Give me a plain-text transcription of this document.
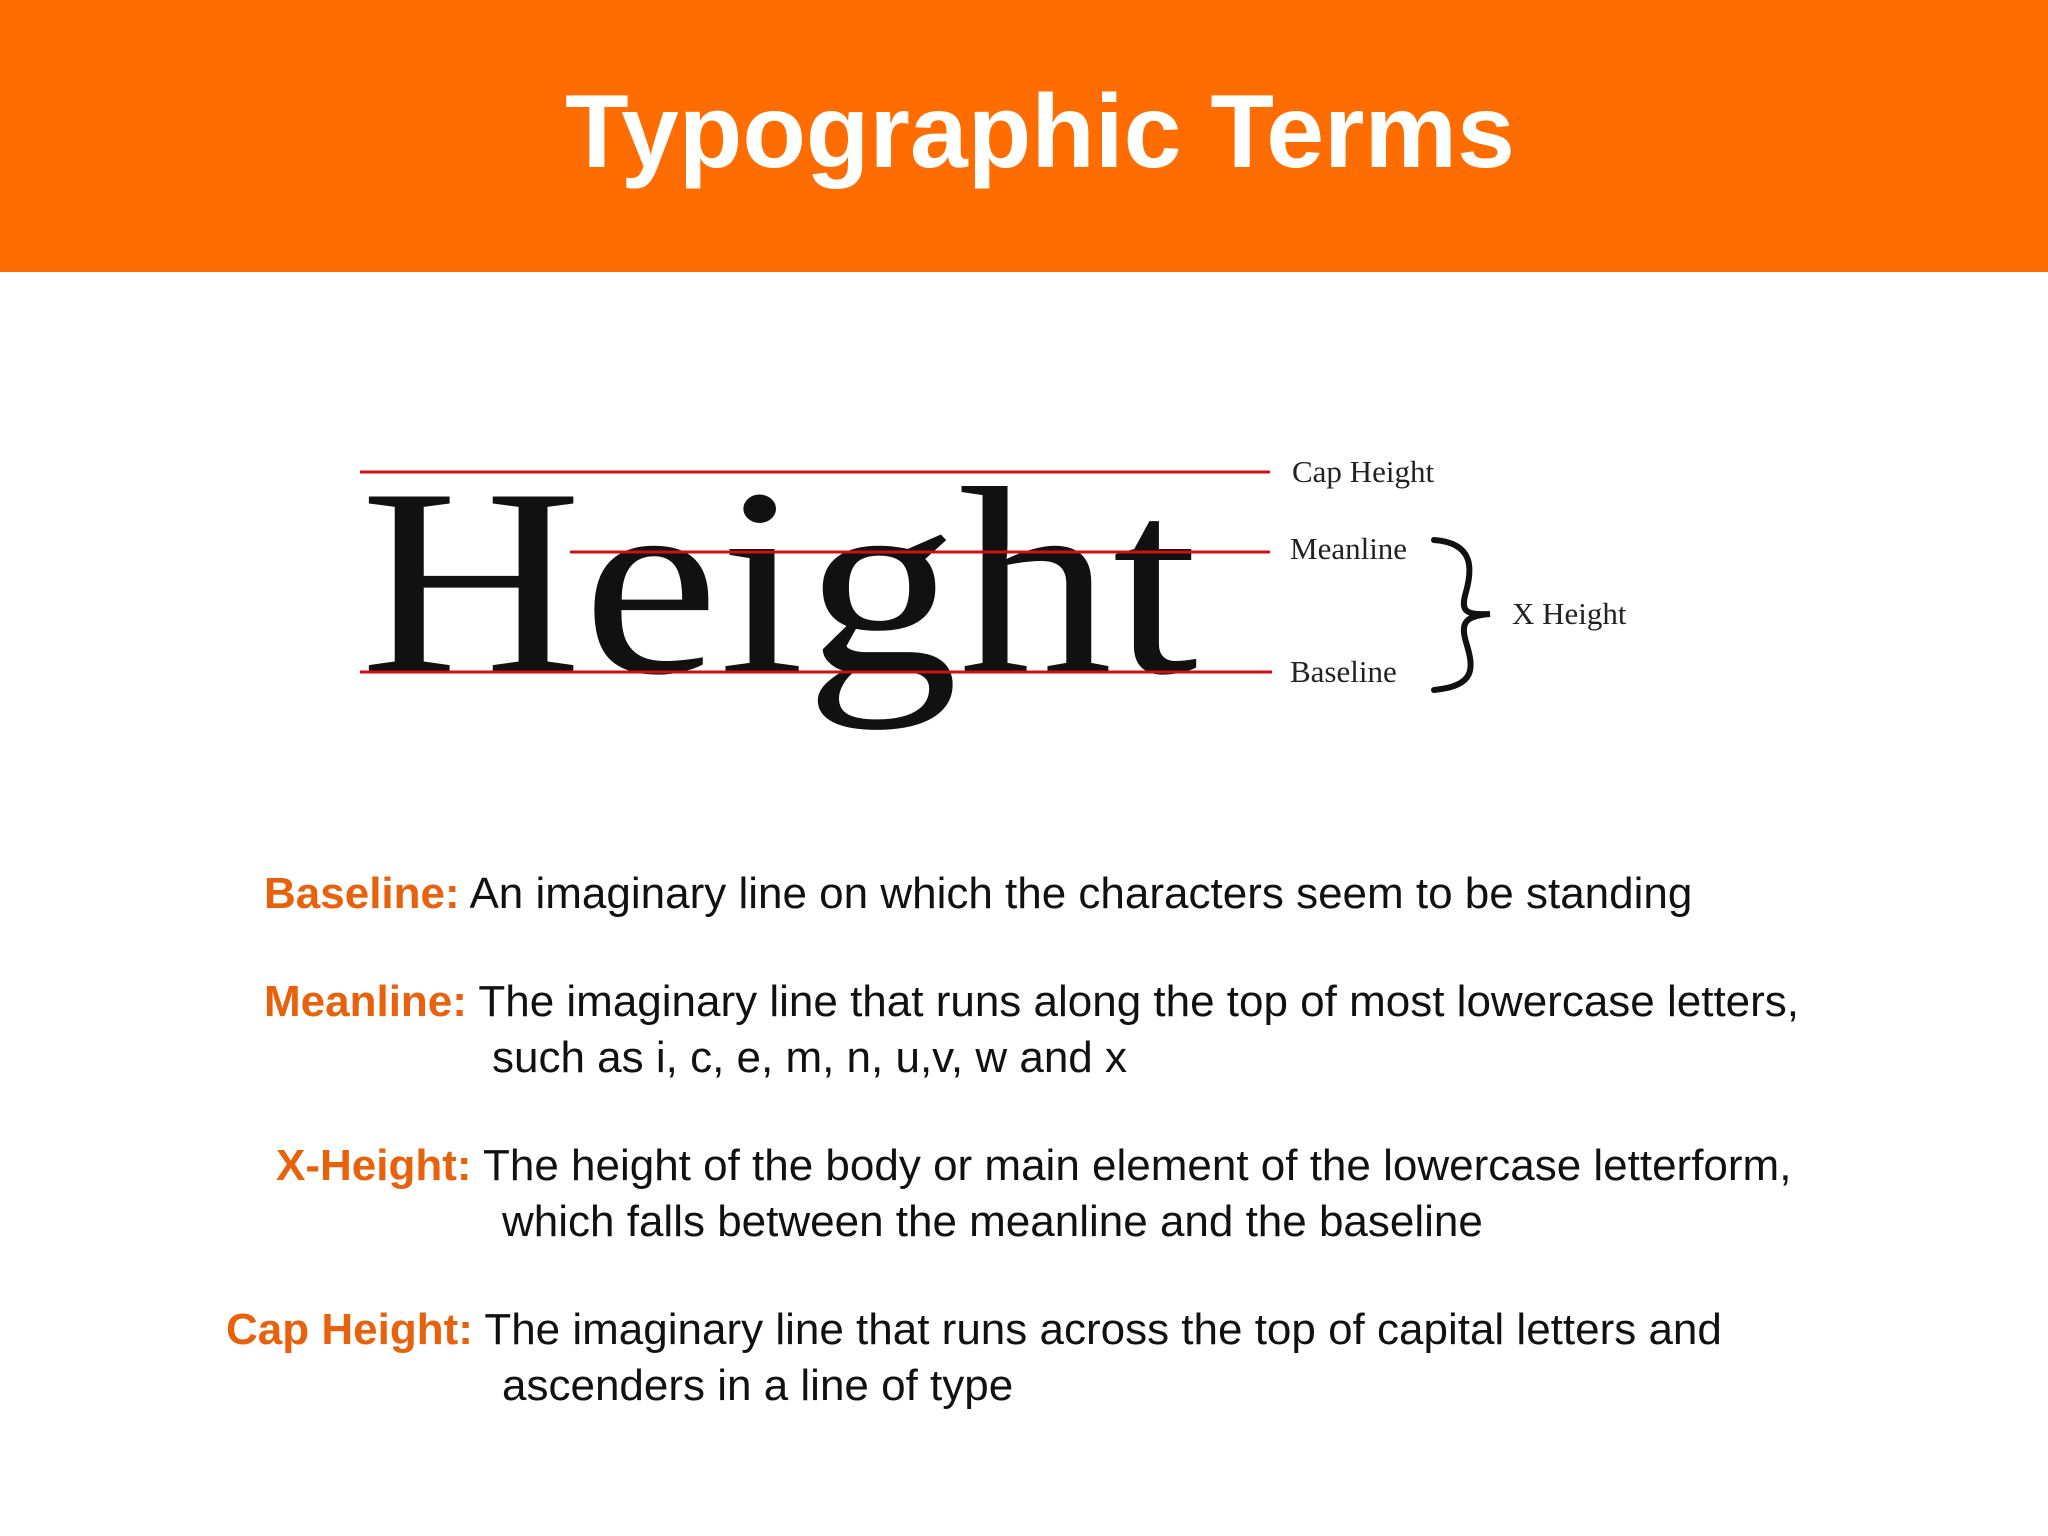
Typographic Terms
Height	Cap Height
Meanline
Baseline
X Height
Baseline: An imaginary line on which the characters seem to be standing
Meanline: The imaginary line that runs along the top of most lowercase letters,
such as i, c, e, m, n, u,v, w and x
X-Height: The height of the body or main element of the lowercase letterform,
which falls between the meanline and the baseline
Cap Height: The imaginary line that runs across the top of capital letters and
ascenders in a line of type
